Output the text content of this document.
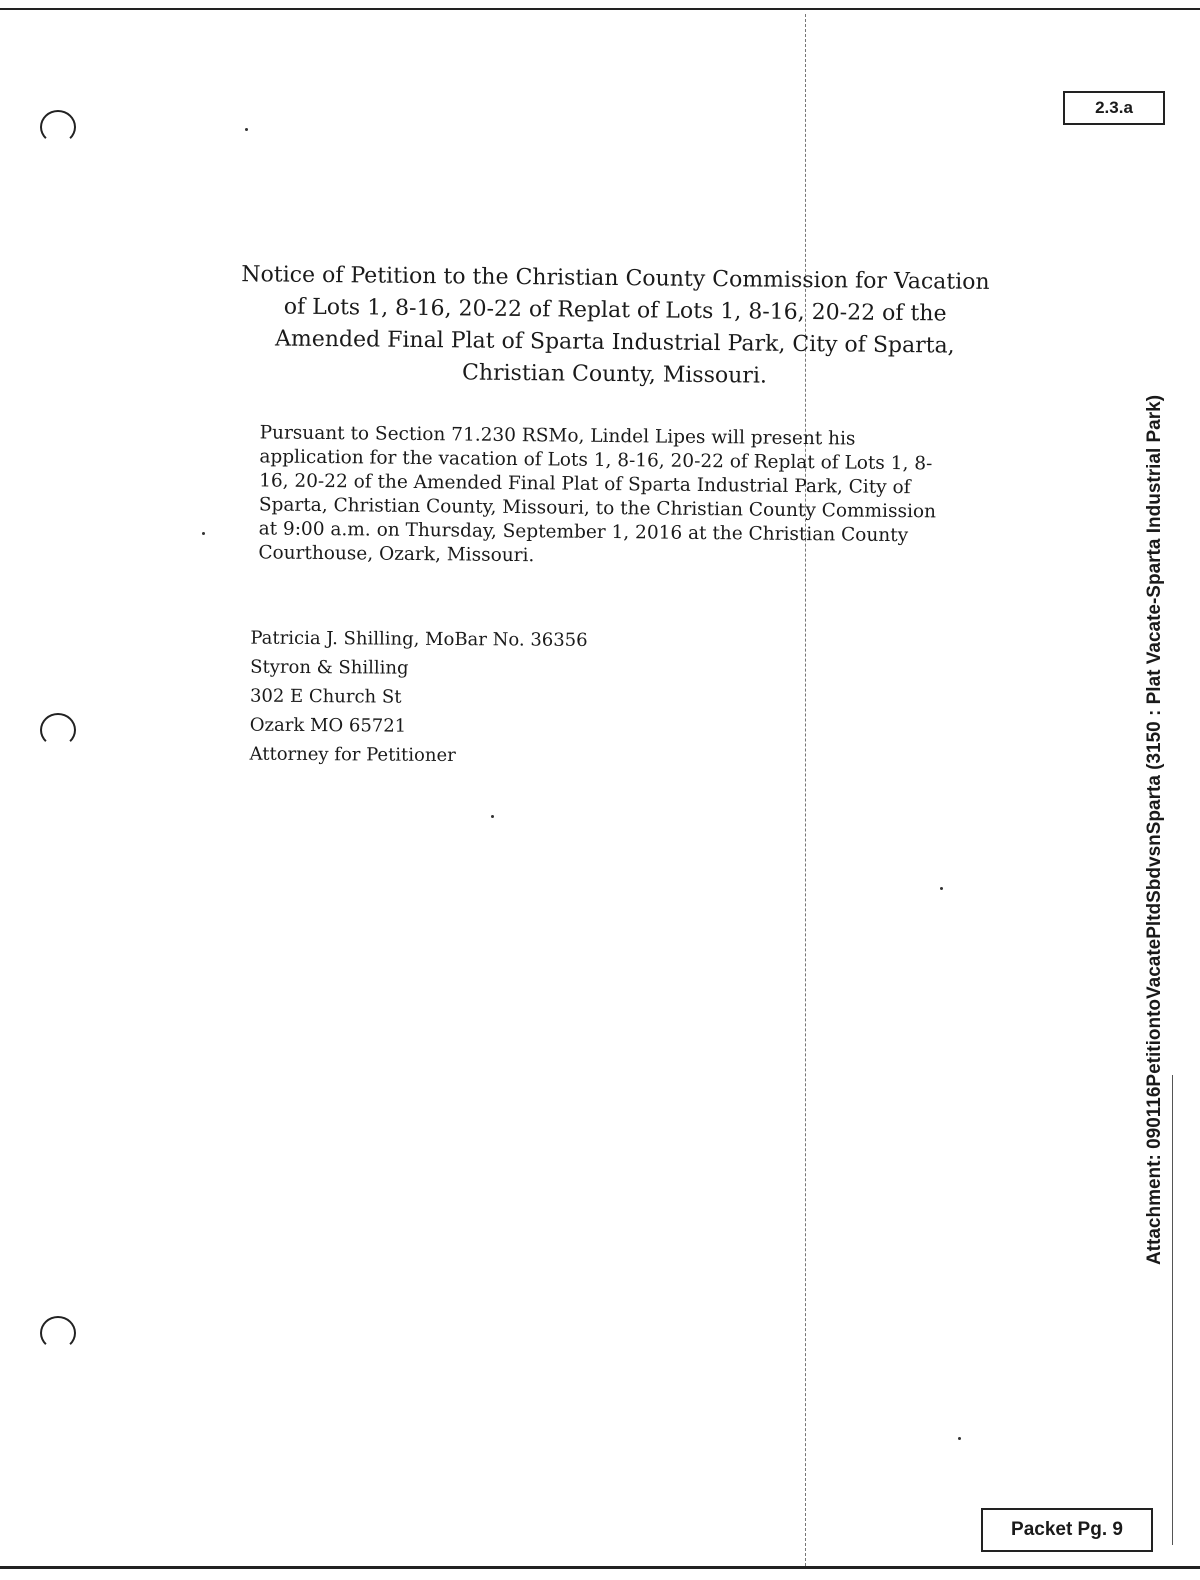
2.3.a
Notice of Petition to the Christian County Commission for Vacation of Lots 1, 8-16, 20-22 of Replat of Lots 1, 8-16, 20-22 of the Amended Final Plat of Sparta Industrial Park, City of Sparta, Christian County, Missouri.

Pursuant to Section 71.230 RSMo, Lindel Lipes will present his application for the vacation of Lots 1, 8-16, 20-22 of Replat of Lots 1, 8-16, 20-22 of the Amended Final Plat of Sparta Industrial Park, City of Sparta, Christian County, Missouri, to the Christian County Commission at 9:00 a.m. on Thursday, September 1, 2016 at the Christian County Courthouse, Ozark, Missouri.

Patricia J. Shilling, MoBar No. 36356
Styron & Shilling
302 E Church St
Ozark MO 65721
Attorney for Petitioner	Attachment: 090116PetitiontoVacatePltdSbdvsnSparta (3150 : Plat Vacate-Sparta Industrial Park)
Packet Pg. 9
